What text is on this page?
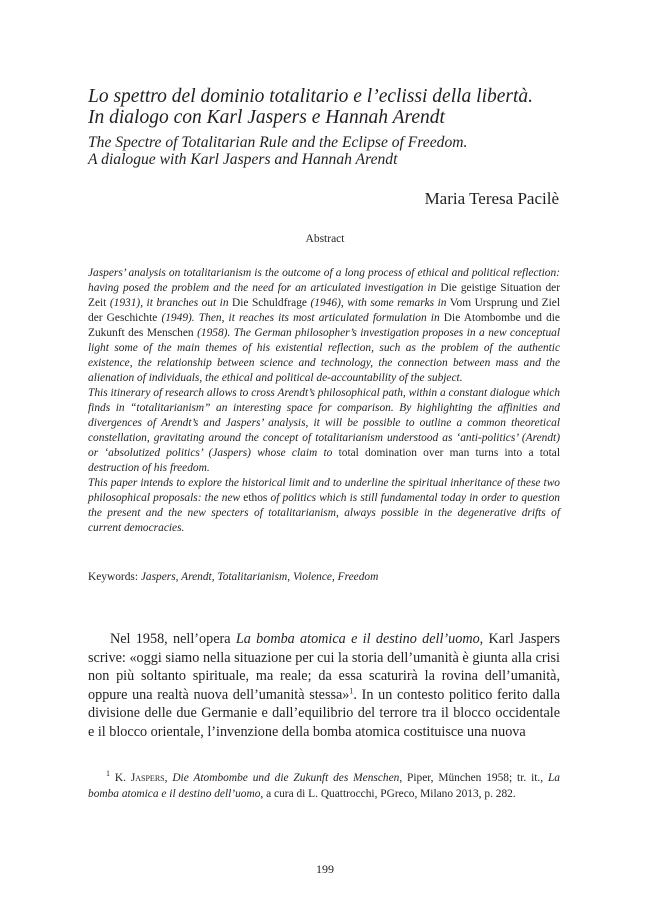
Lo spettro del dominio totalitario e l’eclissi della libertà.
In dialogo con Karl Jaspers e Hannah Arendt

The Spectre of Totalitarian Rule and the Eclipse of Freedom.
A dialogue with Karl Jaspers and Hannah Arendt

Maria Teresa Pacilè
Abstract

Jaspers’ analysis on totalitarianism is the outcome of a long process of ethical and political reflection: having posed the problem and the need for an articulated investigation in Die geistige Situation der Zeit (1931), it branches out in Die Schuldfrage (1946), with some remarks in Vom Ursprung und Ziel der Geschichte (1949). Then, it reaches its most articulated formulation in Die Atombombe und die Zukunft des Menschen (1958). The German philosopher’s investigation proposes in a new conceptual light some of the main themes of his existential reflection, such as the problem of the authentic existence, the relationship between science and technology, the connection between mass and the alienation of individuals, the ethical and political de-accountability of the subject.

This itinerary of research allows to cross Arendt’s philosophical path, within a constant dialogue which finds in “totalitarianism” an interesting space for comparison. By highlighting the affinities and divergences of Arendt’s and Jaspers’ analysis, it will be possible to outline a common theoretical constellation, gravitating around the concept of totalitarianism understood as ‘anti-politics’ (Arendt) or ‘absolutized politics’ (Jaspers) whose claim to total domination over man turns into a total destruction of his freedom.

This paper intends to explore the historical limit and to underline the spiritual inheritance of these two philosophical proposals: the new ethos of politics which is still fundamental today in order to question the present and the new specters of totalitarianism, always possible in the degenerative drifts of current democracies.

Keywords: Jaspers, Arendt, Totalitarianism, Violence, Freedom

Nel 1958, nell’opera La bomba atomica e il destino dell’uomo, Karl Jaspers scrive: «oggi siamo nella situazione per cui la storia dell’umanità è giunta alla crisi non più soltanto spirituale, ma reale; da essa scaturirà la rovina dell’umanità, oppure una realtà nuova dell’umanità stessa»$^1$. In un contesto politico ferito dalla divisione delle due Germanie e dall’equilibrio del terrore tra il blocco occidentale e il blocco orientale, l’invenzione della bomba atomica costituisce una nuova

$^1$ K. Jaspers, Die Atombombe und die Zukunft des Menschen, Piper, München 1958; tr. it., La bomba atomica e il destino dell’uomo, a cura di L. Quattrocchi, PGreco, Milano 2013, p. 282.

199
